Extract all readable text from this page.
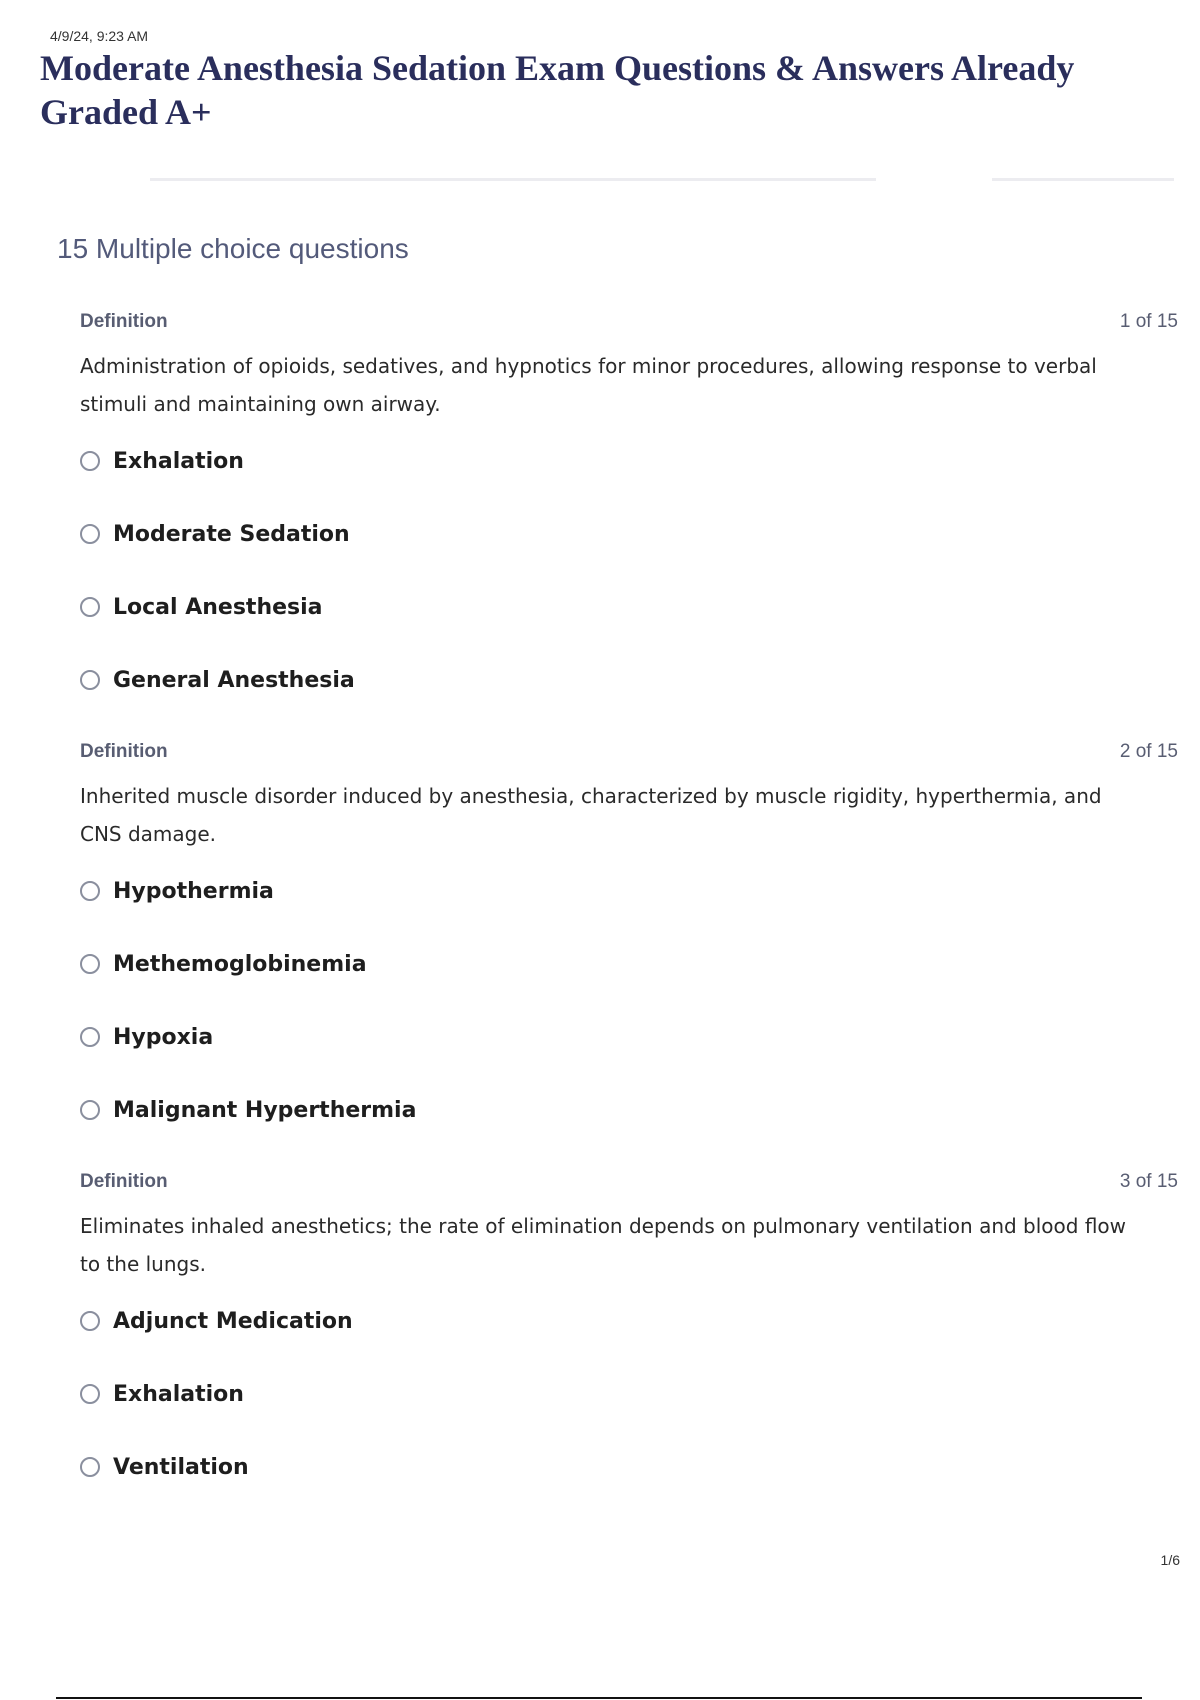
4/9/24, 9:23 AM
Moderate Anesthesia Sedation Exam Questions & Answers Already Graded A+
15 Multiple choice questions
Definition	1 of 15

Administration of opioids, sedatives, and hypnotics for minor procedures, allowing response to verbal stimuli and maintaining own airway.

Exhalation
Moderate Sedation
Local Anesthesia
General Anesthesia
Definition	2 of 15

Inherited muscle disorder induced by anesthesia, characterized by muscle rigidity, hyperthermia, and CNS damage.

Hypothermia
Methemoglobinemia
Hypoxia
Malignant Hyperthermia
Definition	3 of 15

Eliminates inhaled anesthetics; the rate of elimination depends on pulmonary ventilation and blood flow to the lungs.

Adjunct Medication
Exhalation
Ventilation
1/6
